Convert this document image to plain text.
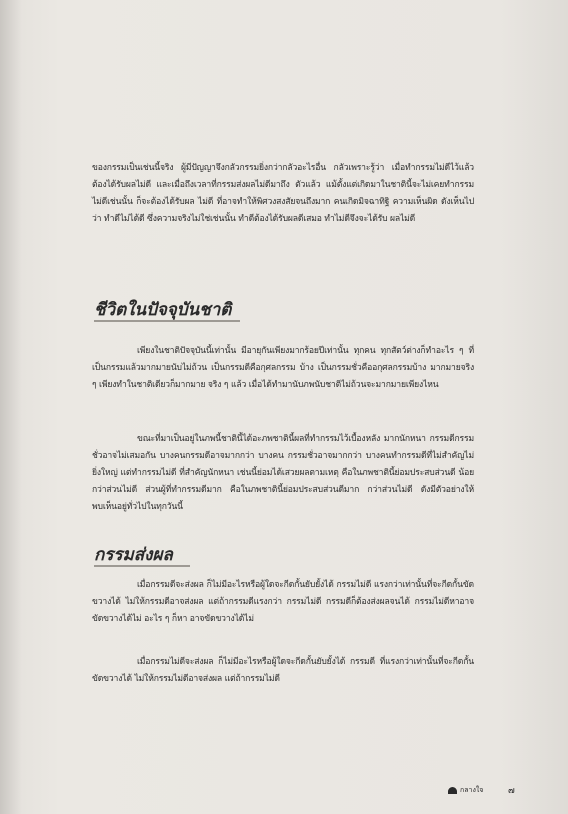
ของกรรมเป็นเช่นนี้จริง ผู้มีปัญญาจึงกลัวกรรมยิ่งกว่ากลัวอะไรอื่น กลัวเพราะรู้ว่า เมื่อทำกรรมไม่ดีไว้แล้ว ต้องได้รับผลไม่ดี และเมื่อถึงเวลาที่กรรมส่งผลไม่ดีมาถึง ตัวแล้ว แม้ตั้งแต่เกิดมาในชาตินี้จะไม่เคยทำกรรมไม่ดีเช่นนั้น ก็จะต้องได้รับผล ไม่ดี ที่อาจทำให้พิศวงสงสัยจนถึงมาก คนเกิดมิจฉาทิฐิ ความเห็นผิด ดังเห็นไปว่า ทำดีไม่ได้ดี ซึ่งความจริงไม่ใช่เช่นนั้น ทำดีต้องได้รับผลดีเสมอ ทำไม่ดีจึงจะได้รับ ผลไม่ดี

ชีวิตในปัจจุบันชาติ

เพียงในชาติปัจจุบันนี้เท่านั้น มีอายุกันเพียงมากร้อยปีเท่านั้น ทุกคน ทุกสัตว์ต่างก็ทำอะไร ๆ ที่เป็นกรรมแล้วมากมายนับไม่ถ้วน เป็นกรรมดีคือกุศลกรรม บ้าง เป็นกรรมชั่วคืออกุศลกรรมบ้าง มากมายจริง ๆ เพียงทำในชาติเดียวก็มากมาย จริง ๆ แล้ว เมื่อได้ทำมานับภพนับชาติไม่ถ้วนจะมากมายเพียงไหน

ขณะที่มาเป็นอยู่ในภพนี้ชาตินี้ได้อะภพชาตินี้ผลที่ทำกรรมไว้เบื้องหลัง มากนักหนา กรรมดีกรรมชั่วอาจไม่เสมอกัน บางคนกรรมดีอาจมากกว่า บางคน กรรมชั่วอาจมากกว่า บางคนทำกรรมดีที่ไม่สำคัญไม่ยิ่งใหญ่ แต่ทำกรรมไม่ดี ที่สำคัญนักหนา เช่นนี้ย่อมได้เสวยผลตามเหตุ คือในภพชาตินี้ย่อมประสบส่วนดี น้อยกว่าส่วนไม่ดี ส่วนผู้ที่ทำกรรมดีมาก คือในภพชาตินี้ย่อมประสบส่วนดีมาก กว่าส่วนไม่ดี ดังมีตัวอย่างให้พบเห็นอยู่ทั่วไปในทุกวันนี้

กรรมส่งผล

เมื่อกรรมดีจะส่งผล ก็ไม่มีอะไรหรือผู้ใดจะกีดกั้นยับยั้งได้ กรรมไม่ดี แรงกว่าเท่านั้นที่จะกีดกั้นขัดขวางได้ ไม่ให้กรรมดีอาจส่งผล แต่ถ้ากรรมดีแรงกว่า กรรมไม่ดี กรรมดีก็ต้องส่งผลจนได้ กรรมไม่ดีหาอาจขัดขวางได้ไม่ อะไร ๆ ก็หา อาจขัดขวางได้ไม่

เมื่อกรรมไม่ดีจะส่งผล ก็ไม่มีอะไรหรือผู้ใดจะกีดกั้นยับยั้งได้ กรรมดี ที่แรงกว่าเท่านั้นที่จะกีดกั้นขัดขวางได้ ไม่ให้กรรมไม่ดีอาจส่งผล แต่ถ้ากรรมไม่ดี

กลางใจ	๗
